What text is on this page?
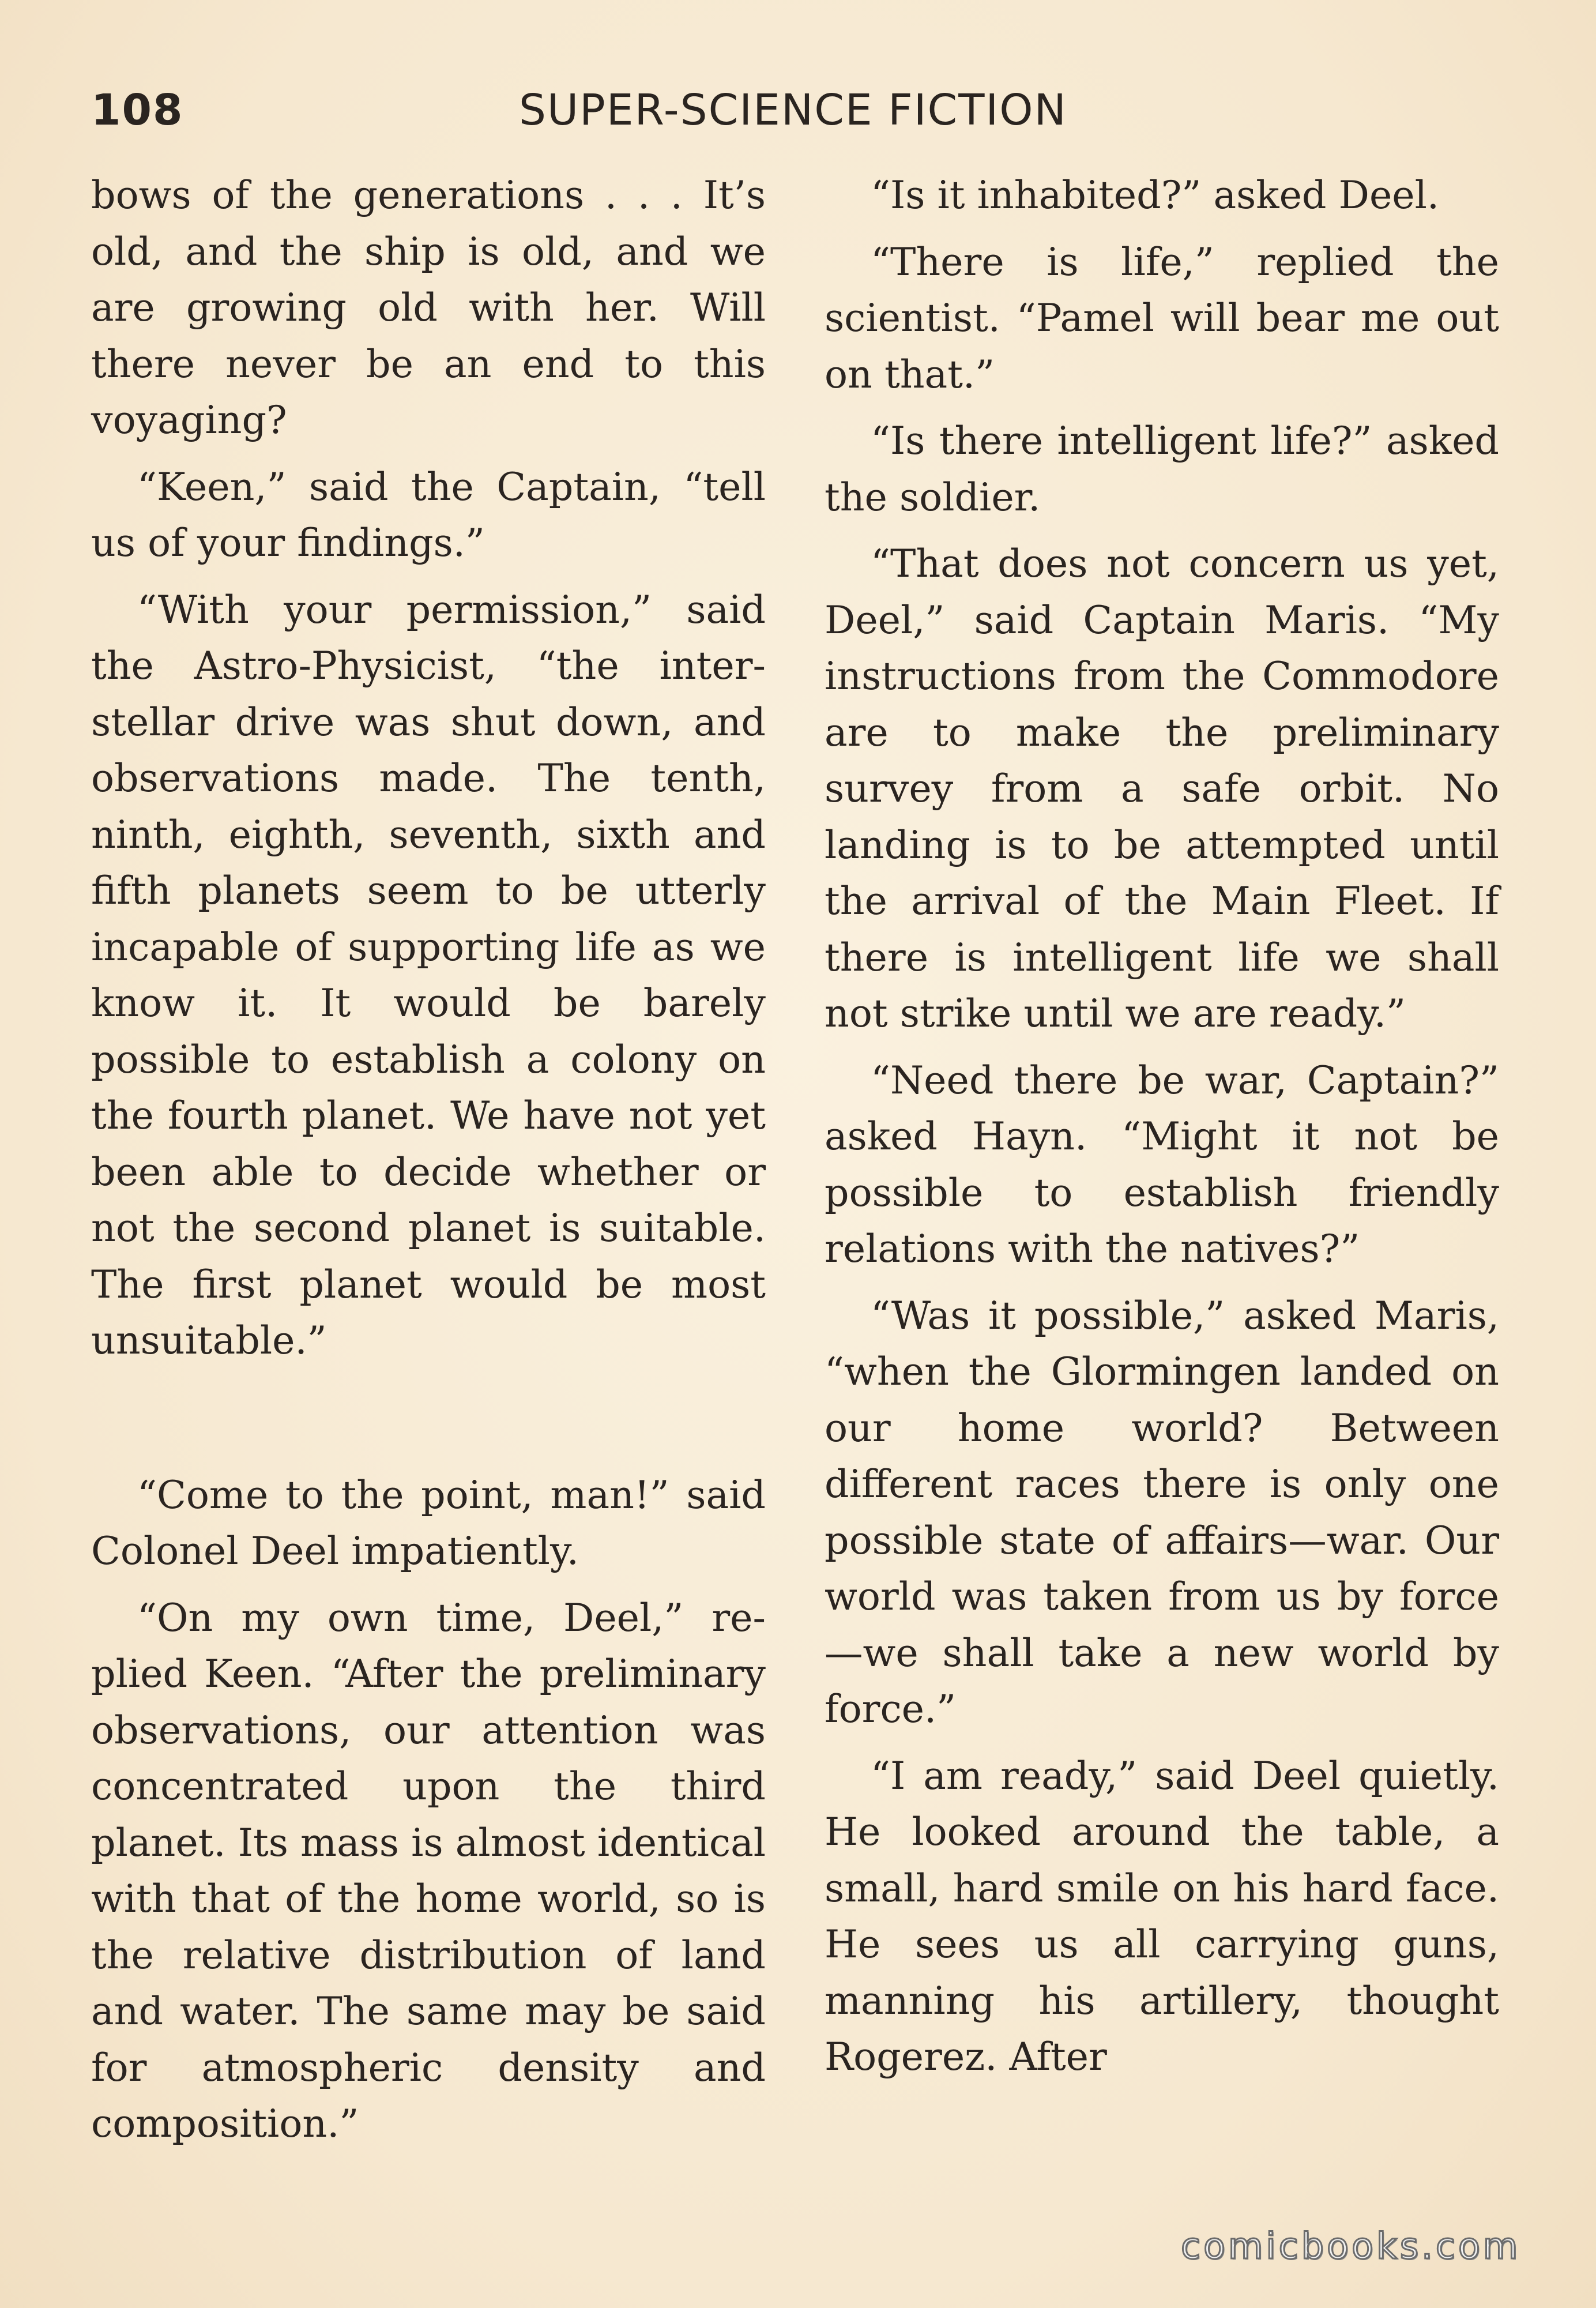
108	SUPER-SCIENCE FICTION

bows of the generations . . . It’s old, and the ship is old, and we are growing old with her. Will there never be an end to this voyaging?

“Keen,” said the Captain, “tell us of your findings.”

“With your permission,” said the Astro-Physicist, “the interstellar drive was shut down, and observations made. The tenth, ninth, eighth, seventh, sixth and fifth planets seem to be utterly incapable of supporting life as we know it. It would be barely possible to establish a colony on the fourth planet. We have not yet been able to decide whether or not the second planet is suitable. The first planet would be most unsuitable.”

“Come to the point, man!” said Colonel Deel impatiently.

“On my own time, Deel,” replied Keen. “After the preliminary observations, our attention was concentrated upon the third planet. Its mass is almost identical with that of the home world, so is the relative distribution of land and water. The same may be said for atmospheric density and composition.”

“Is it inhabited?” asked Deel.

“There is life,” replied the scientist. “Pamel will bear me out on that.”

“Is there intelligent life?” asked the soldier.

“That does not concern us yet, Deel,” said Captain Maris. “My instructions from the Commodore are to make the preliminary survey from a safe orbit. No landing is to be attempted until the arrival of the Main Fleet. If there is intelligent life we shall not strike until we are ready.”

“Need there be war, Captain?” asked Hayn. “Might it not be possible to establish friendly relations with the natives?”

“Was it possible,” asked Maris, “when the Glormingen landed on our home world? Between different races there is only one possible state of affairs—war. Our world was taken from us by force—we shall take a new world by force.”

“I am ready,” said Deel quietly. He looked around the table, a small, hard smile on his hard face. He sees us all carrying guns, manning his artillery, thought Rogerez. After

comicbooks.com
